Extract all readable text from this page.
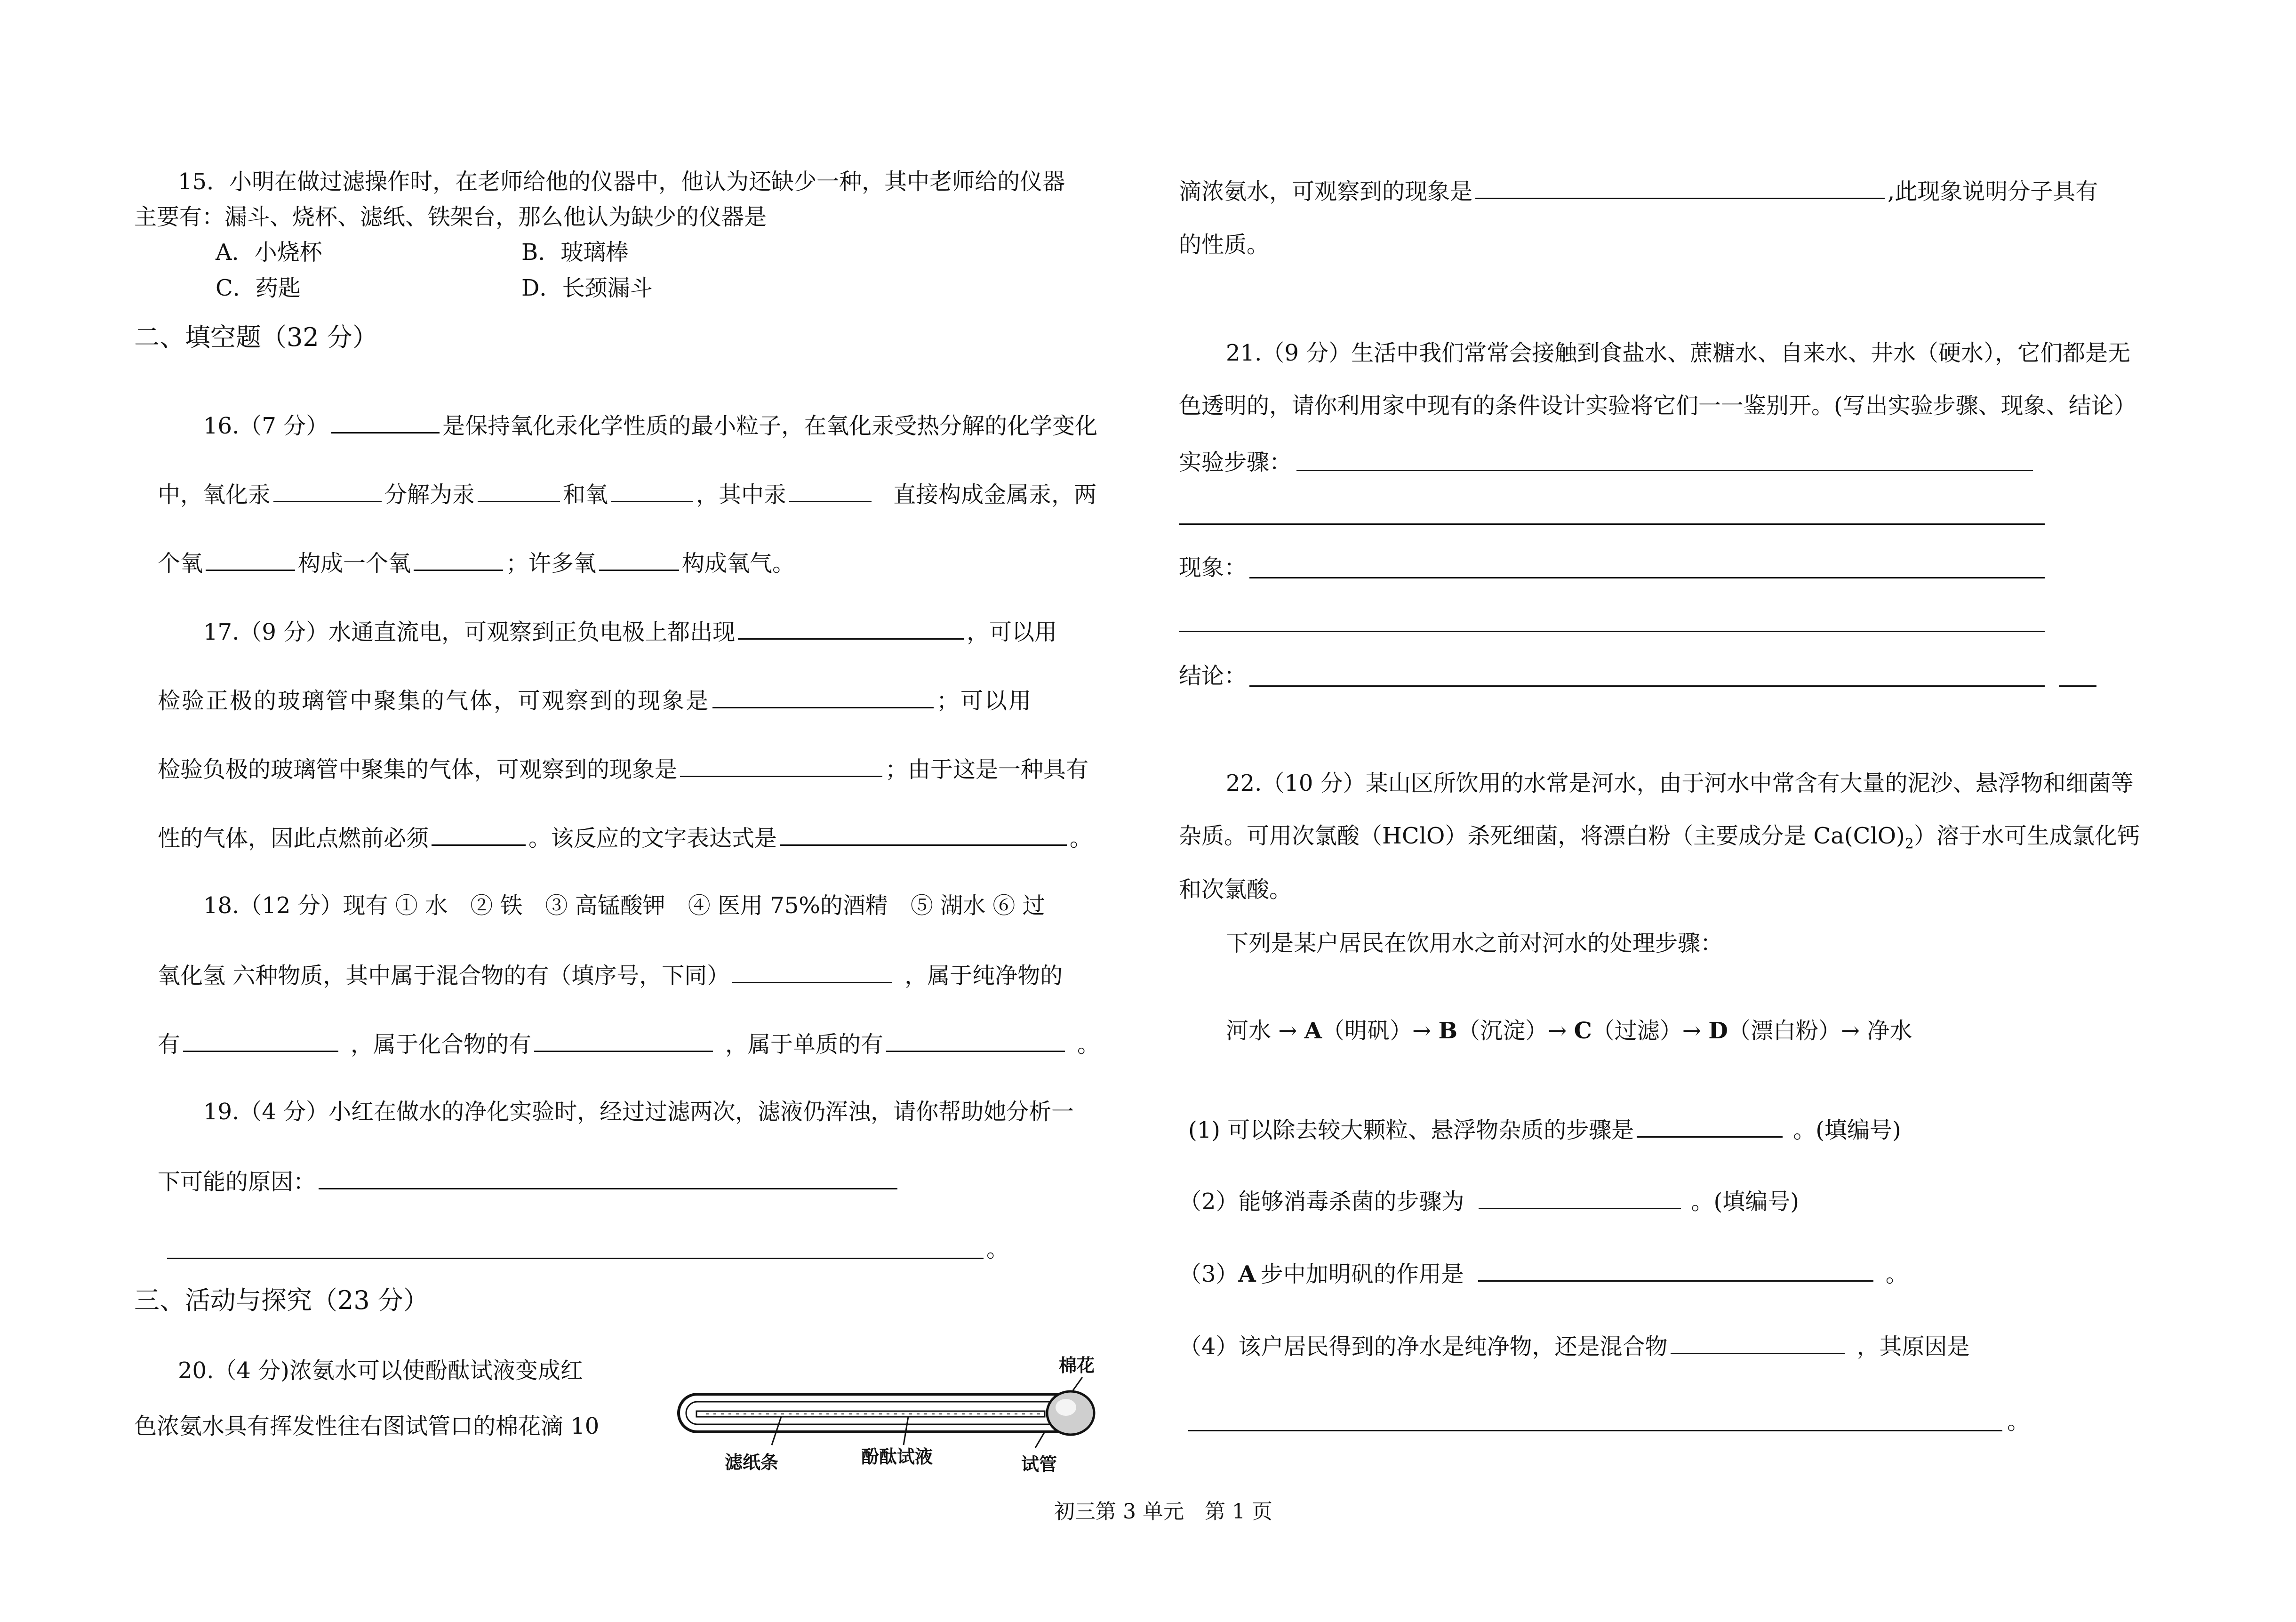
15．小明在做过滤操作时，在老师给他的仪器中，他认为还缺少一种，其中老师给的仪器
主要有：漏斗、烧杯、滤纸、铁架台，那么他认为缺少的仪器是
A．小烧杯	B．玻璃棒
C．药匙	D．长颈漏斗
二、填空题（32 分）
16.（7 分）	是保持氧化汞化学性质的最小粒子，在氧化汞受热分解的化学变化
中，氧化汞	分解为汞	和氧	，其中汞	直接构成金属汞，两
个氧	构成一个氧	；许多氧	构成氧气。
17.（9 分）水通直流电，可观察到正负电极上都出现	，可以用
检验正极的玻璃管中聚集的气体，可观察到的现象是	；可以用
检验负极的玻璃管中聚集的气体，可观察到的现象是	；由于这是一种具有
性的气体，因此点燃前必须	。该反应的文字表达式是	。
18.（12 分）现有 ① 水　② 铁　③ 高锰酸钾　④ 医用 75%的酒精　⑤ 湖水 ⑥ 过
氧化氢 六种物质，其中属于混合物的有（填序号，下同）	，属于纯净物的
有	，属于化合物的有	，属于单质的有	。
19.（4 分）小红在做水的净化实验时，经过过滤两次，滤液仍浑浊，请你帮助她分析一
下可能的原因：
。
三、活动与探究（23 分）
20.（4 分)浓氨水可以使酚酞试液变成红
色浓氨水具有挥发性往右图试管口的棉花滴 10
棉花
滤纸条	酚酞试液	试管
滴浓氨水，可观察到的现象是	,此现象说明分子具有
的性质。
21.（9 分）生活中我们常常会接触到食盐水、蔗糖水、自来水、井水（硬水），它们都是无
色透明的，请你利用家中现有的条件设计实验将它们一一鉴别开。(写出实验步骤、现象、结论）
实验步骤：
现象：
结论：
22.（10 分）某山区所饮用的水常是河水，由于河水中常含有大量的泥沙、悬浮物和细菌等
杂质。可用次氯酸（HClO）杀死细菌，将漂白粉（主要成分是 $Ca(ClO)_2$）溶于水可生成氯化钙
和次氯酸。
下列是某户居民在饮用水之前对河水的处理步骤：
河水 → A（明矾）→ B（沉淀）→ C（过滤）→ D（漂白粉）→ 净水
(1) 可以除去较大颗粒、悬浮物杂质的步骤是	。(填编号)
（2）能够消毒杀菌的步骤为	。(填编号)
（3）A 步中加明矾的作用是	。
（4）该户居民得到的净水是纯净物，还是混合物	，其原因是
。
初三第 3 单元　第 1 页
